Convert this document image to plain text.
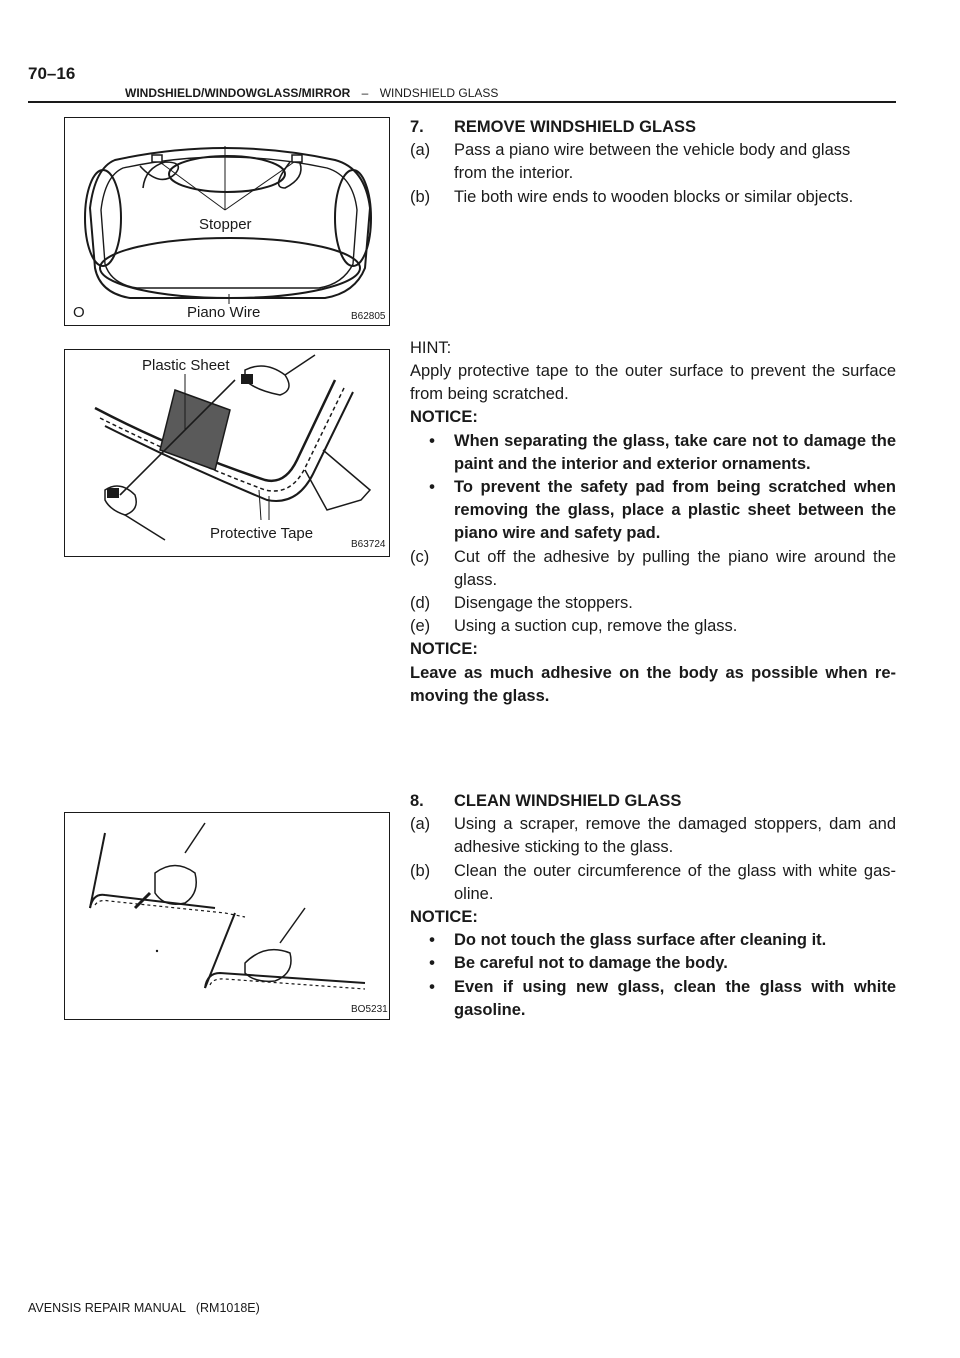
70–16
WINDSHIELD/WINDOWGLASS/MIRROR – WINDSHIELD GLASS
Stopper
Piano Wire
O	B62805
Plastic Sheet
Protective Tape
B63724
BO5231
7.	REMOVE WINDSHIELD GLASS
(a)	Pass a piano wire between the vehicle body and glass
from the interior.
(b)	Tie both wire ends to wooden blocks or similar objects.
HINT:
Apply protective tape to the outer surface to prevent the surface from being scratched.
NOTICE:
•	When separating the glass, take care not to damage the paint and the interior and exterior ornaments.
•	To prevent the safety pad from being scratched when removing the glass, place a plastic sheet between the piano wire and safety pad.
(c)	Cut off the adhesive by pulling the piano wire around the glass.
(d)	Disengage the stoppers.
(e)	Using a suction cup, remove the glass.
NOTICE:
Leave as much adhesive on the body as possible when re- moving the glass.
8.	CLEAN WINDSHIELD GLASS
(a)	Using a scraper, remove the damaged stoppers, dam and adhesive sticking to the glass.
(b)	Clean the outer circumference of the glass with white gas- oline.
NOTICE:
•	Do not touch the glass surface after cleaning it.
•	Be careful not to damage the body.
•	Even if using new glass, clean the glass with white gasoline.
AVENSIS REPAIR MANUAL   (RM1018E)
